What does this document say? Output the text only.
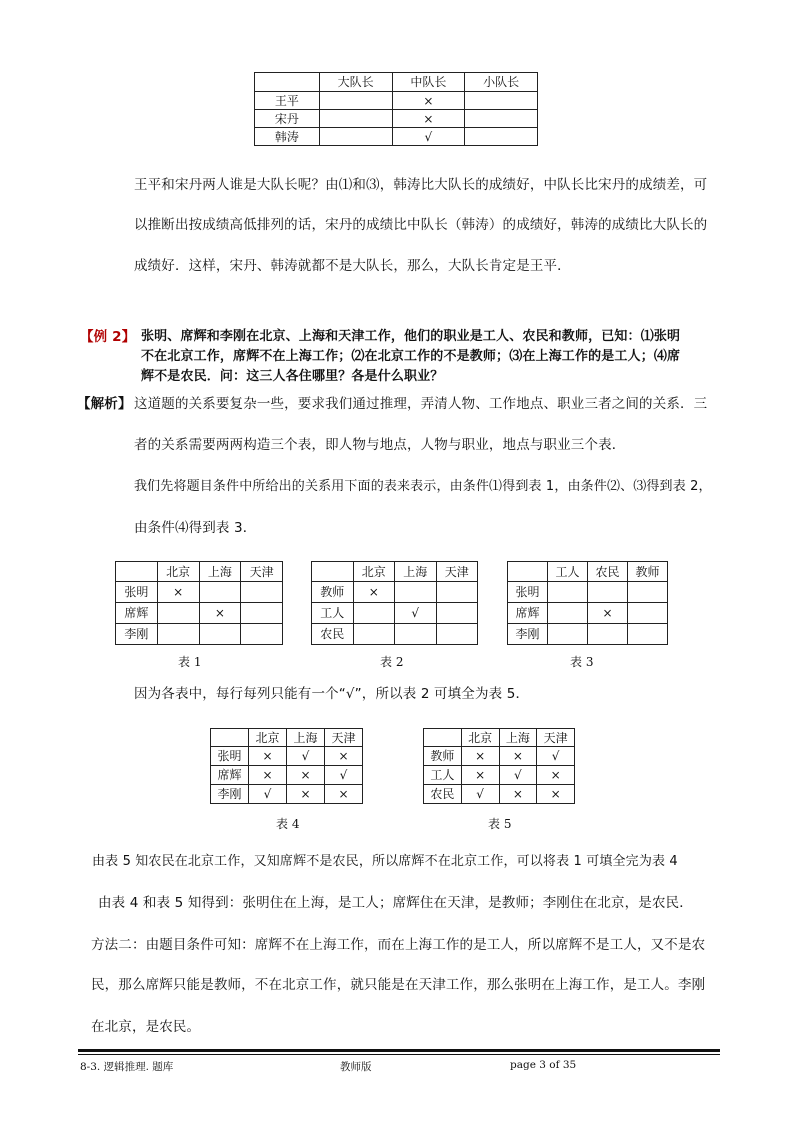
	大队长	中队长	小队长
王平		×	
宋丹		×	
韩涛		√	
王平和宋丹两人谁是大队长呢？由⑴和⑶，韩涛比大队长的成绩好，中队长比宋丹的成绩差，可
以推断出按成绩高低排列的话，宋丹的成绩比中队长（韩涛）的成绩好，韩涛的成绩比大队长的
成绩好．这样，宋丹、韩涛就都不是大队长，那么，大队长肯定是王平．
【例 2】 张明、席辉和李刚在北京、上海和天津工作，他们的职业是工人、农民和教师，已知：⑴张明
不在北京工作，席辉不在上海工作；⑵在北京工作的不是教师；⑶在上海工作的是工人；⑷席
辉不是农民．问：这三人各住哪里？各是什么职业？
【解析】 这道题的关系要复杂一些，要求我们通过推理，弄清人物、工作地点、职业三者之间的关系．三
者的关系需要两两构造三个表，即人物与地点，人物与职业，地点与职业三个表．
我们先将题目条件中所给出的关系用下面的表来表示，由条件⑴得到表 1，由条件⑵、⑶得到表 2，
由条件⑷得到表 3．
	北京	上海	天津
张明	×		
席辉		×	
李刚			
表 1
	北京	上海	天津
教师	×		
工人		√	
农民			
表 2
	工人	农民	教师
张明			
席辉		×	
李刚			
表 3
因为各表中，每行每列只能有一个“√”，所以表 2 可填全为表 5．
	北京	上海	天津
张明	×	√	×
席辉	×	×	√
李刚	√	×	×
表 4
	北京	上海	天津
教师	×	×	√
工人	×	√	×
农民	√	×	×
表 5
由表 5 知农民在北京工作，又知席辉不是农民，所以席辉不在北京工作，可以将表 1 可填全完为表 4
由表 4 和表 5 知得到：张明住在上海，是工人；席辉住在天津，是教师；李刚住在北京，是农民．
方法二：由题目条件可知：席辉不在上海工作，而在上海工作的是工人，所以席辉不是工人，又不是农
民，那么席辉只能是教师，不在北京工作，就只能是在天津工作，那么张明在上海工作，是工人。李刚
在北京，是农民。
8-3. 逻辑推理. 题库	教师版	page 3 of 35
